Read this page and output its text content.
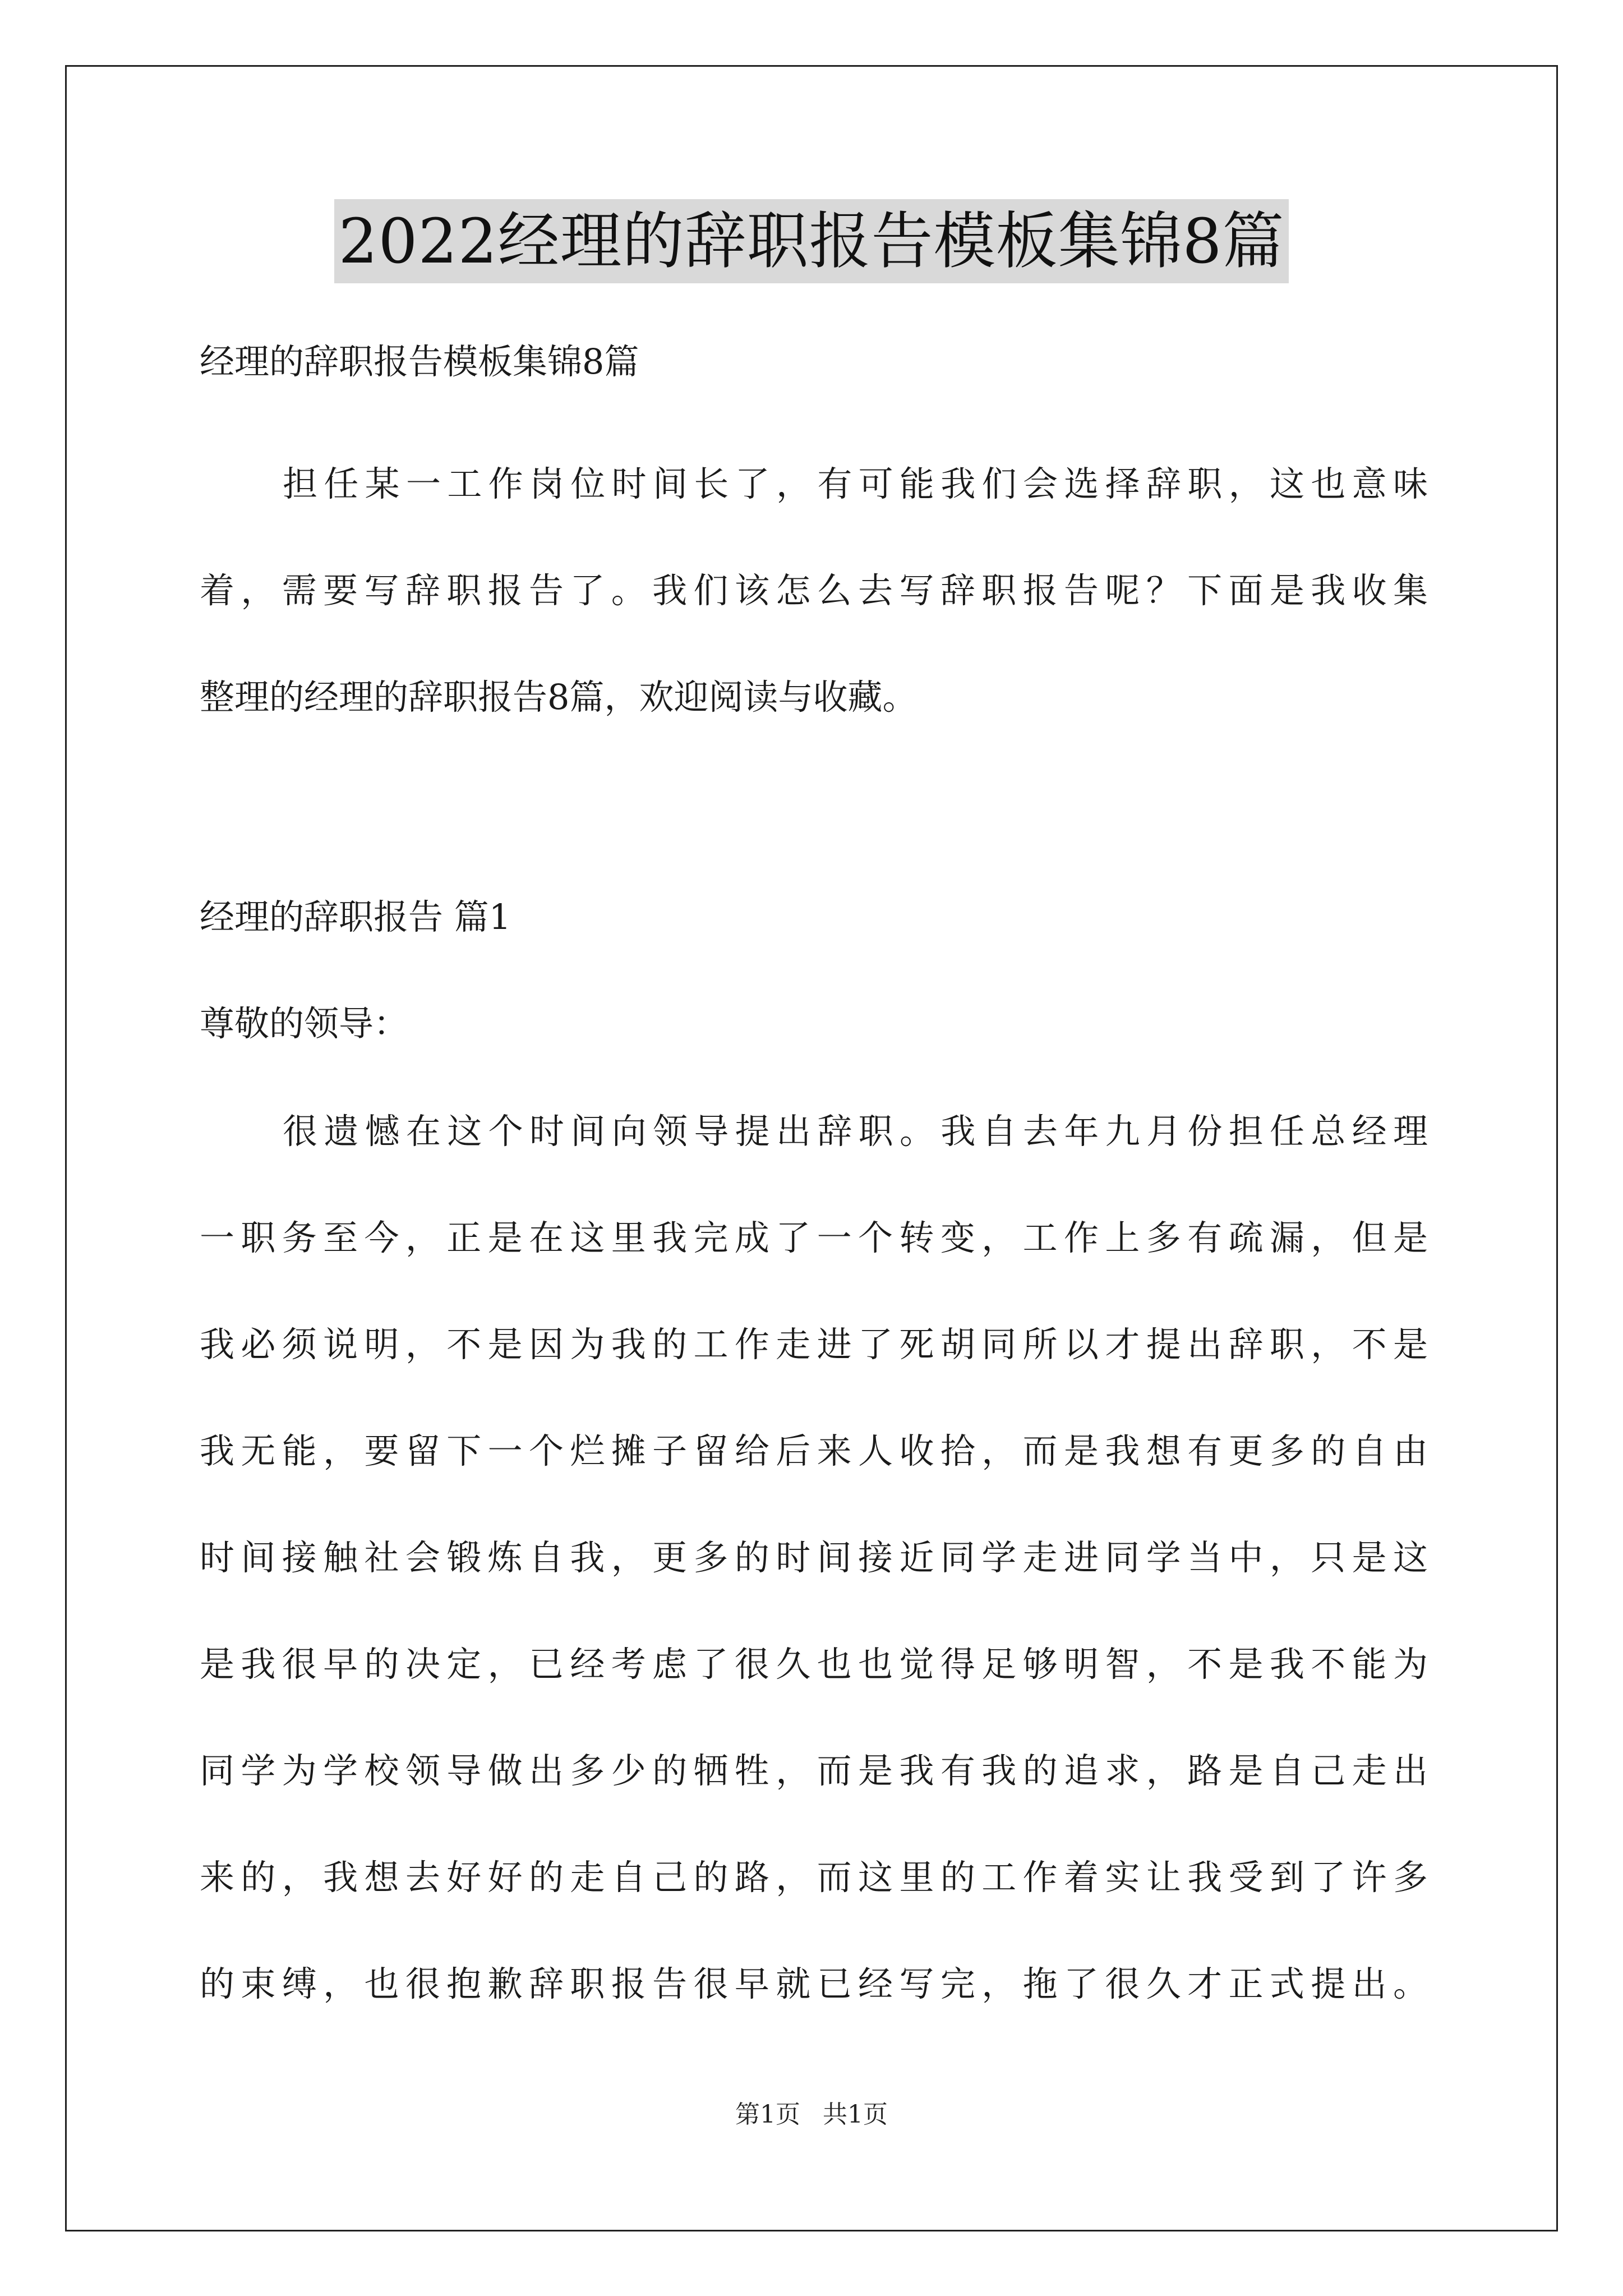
2022经理的辞职报告模板集锦8篇
经理的辞职报告模板集锦8篇
担任某一工作岗位时间长了，有可能我们会选择辞职，这也意味
着，需要写辞职报告了。我们该怎么去写辞职报告呢？下面是我收集
整理的经理的辞职报告8篇，欢迎阅读与收藏。
经理的辞职报告 篇1
尊敬的领导：
很遗憾在这个时间向领导提出辞职。我自去年九月份担任总经理
一职务至今，正是在这里我完成了一个转变，工作上多有疏漏，但是
我必须说明，不是因为我的工作走进了死胡同所以才提出辞职，不是
我无能，要留下一个烂摊子留给后来人收拾，而是我想有更多的自由
时间接触社会锻炼自我，更多的时间接近同学走进同学当中，只是这
是我很早的决定，已经考虑了很久也也觉得足够明智，不是我不能为
同学为学校领导做出多少的牺牲，而是我有我的追求，路是自己走出
来的，我想去好好的走自己的路，而这里的工作着实让我受到了许多
的束缚，也很抱歉辞职报告很早就已经写完，拖了很久才正式提出。
第1页 共1页
